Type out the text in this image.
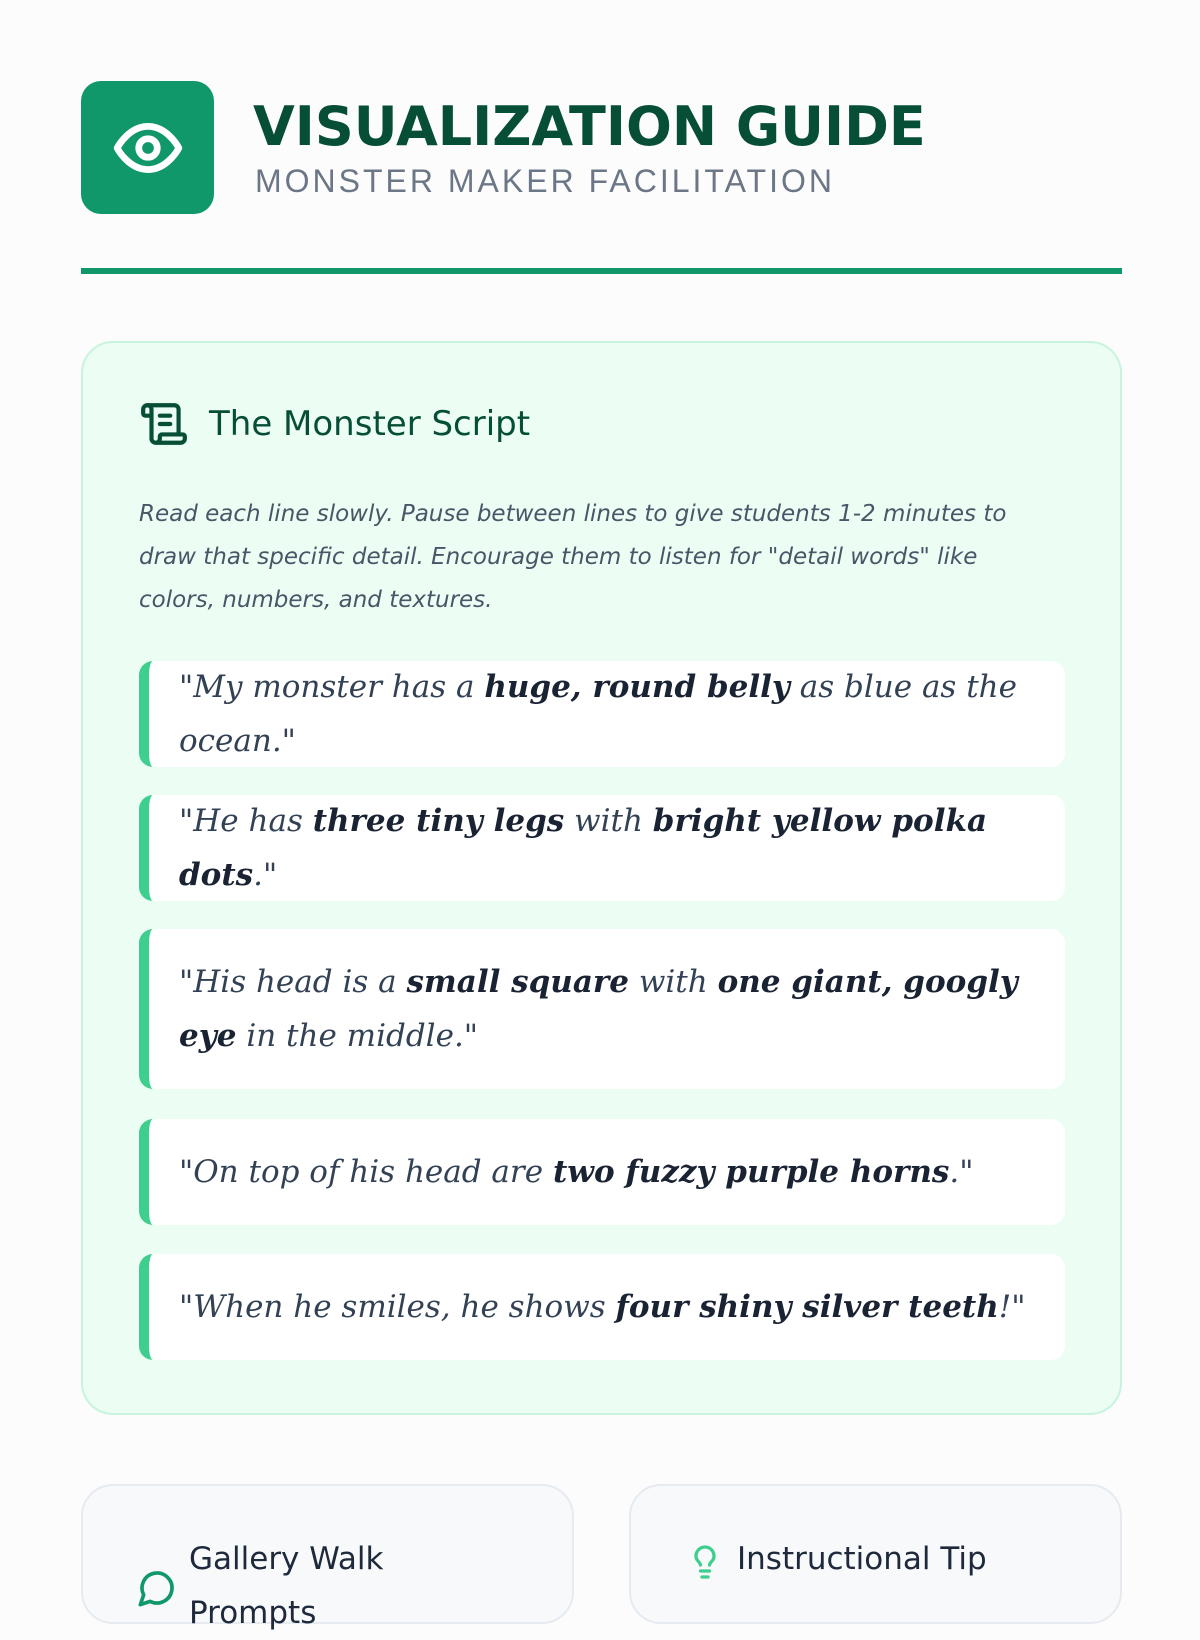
VISUALIZATION GUIDE
MONSTER MAKER FACILITATION
The Monster Script

Read each line slowly. Pause between lines to give students 1-2 minutes to draw that specific detail. Encourage them to listen for "detail words" like colors, numbers, and textures.

"My monster has a huge, round belly as blue as the ocean."
"He has three tiny legs with bright yellow polka dots."
"His head is a small square with one giant, googly eye in the middle."
"On top of his head are two fuzzy purple horns."
"When he smiles, he shows four shiny silver teeth!"
Gallery Walk Prompts
Instructional Tip
